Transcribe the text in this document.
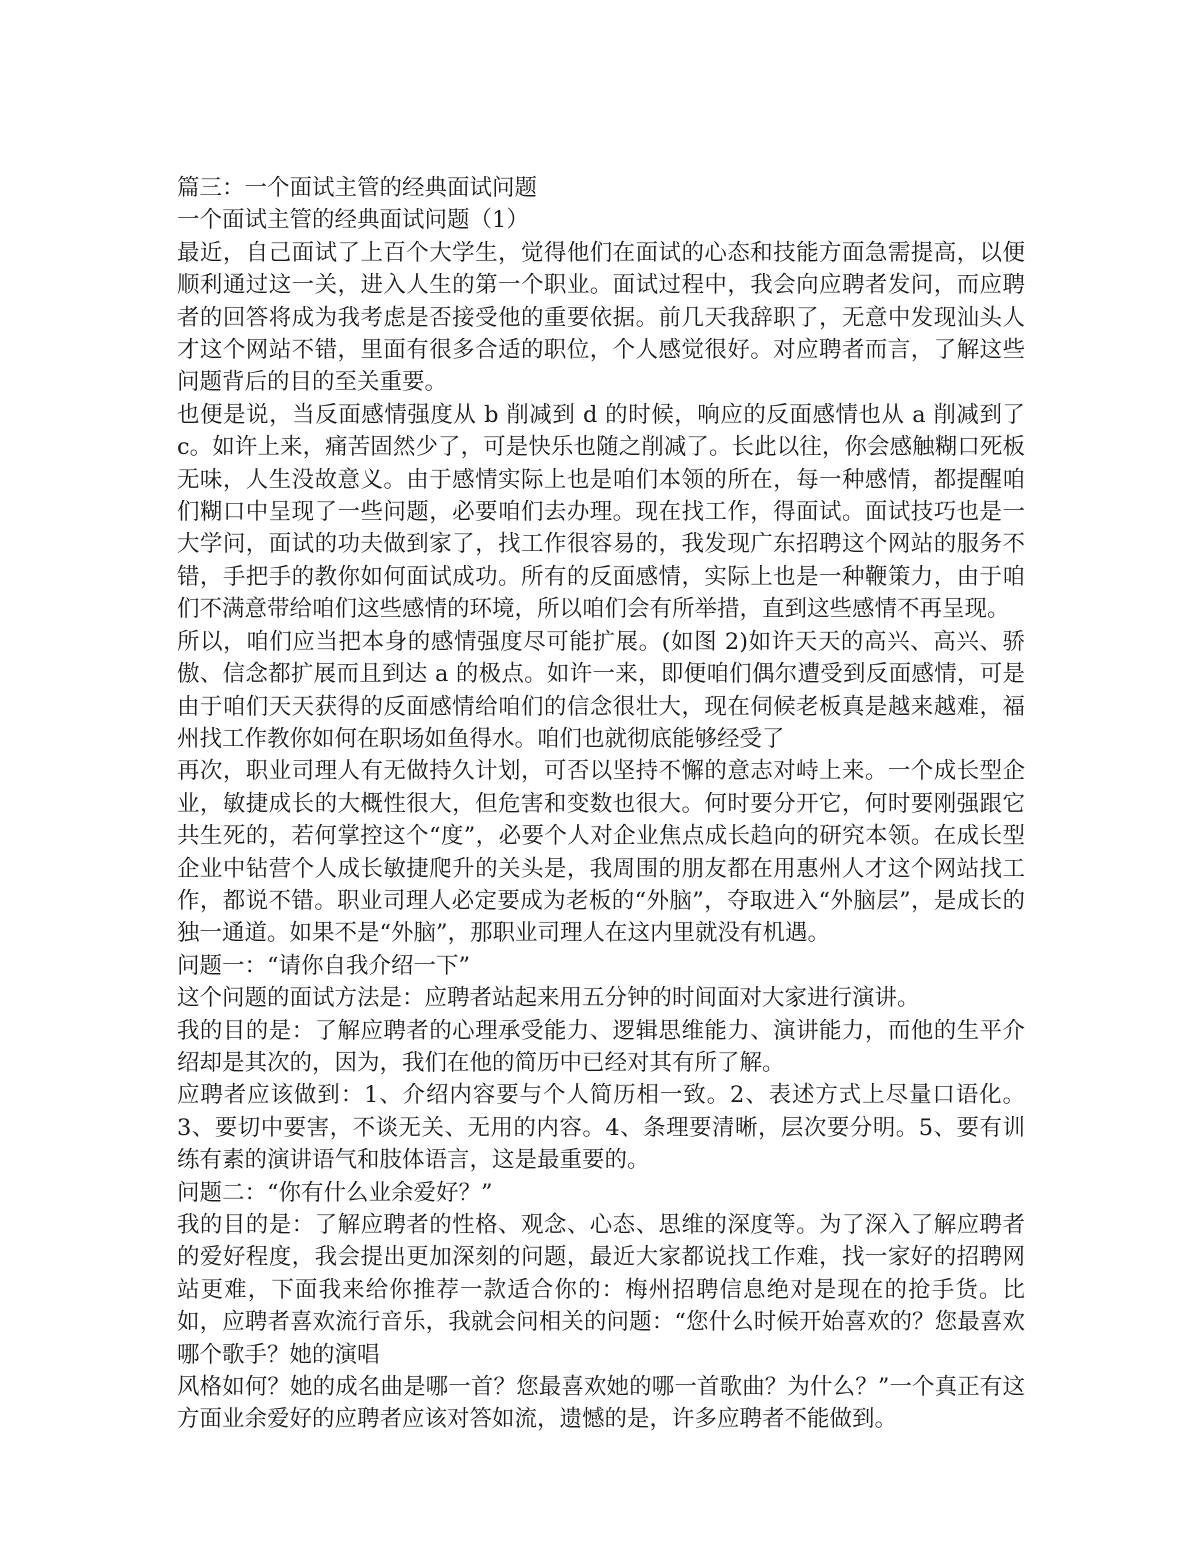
篇三：一个面试主管的经典面试问题

一个面试主管的经典面试问题（1）

最近，自己面试了上百个大学生，觉得他们在面试的心态和技能方面急需提高，以便顺利通过这一关，进入人生的第一个职业。面试过程中，我会向应聘者发问，而应聘者的回答将成为我考虑是否接受他的重要依据。前几天我辞职了，无意中发现汕头人才这个网站不错，里面有很多合适的职位，个人感觉很好。对应聘者而言，了解这些问题背后的目的至关重要。

也便是说，当反面感情强度从 b 削减到 d 的时候，响应的反面感情也从 a 削减到了 c。如许上来，痛苦固然少了，可是快乐也随之削减了。长此以往，你会感触糊口死板无味，人生没故意义。由于感情实际上也是咱们本领的所在，每一种感情，都提醒咱们糊口中呈现了一些问题，必要咱们去办理。现在找工作，得面试。面试技巧也是一大学问，面试的功夫做到家了，找工作很容易的，我发现广东招聘这个网站的服务不错，手把手的教你如何面试成功。所有的反面感情，实际上也是一种鞭策力，由于咱们不满意带给咱们这些感情的环境，所以咱们会有所举措，直到这些感情不再呈现。

所以，咱们应当把本身的感情强度尽可能扩展。(如图 2)如许天天的高兴、高兴、骄傲、信念都扩展而且到达 a 的极点。如许一来，即便咱们偶尔遭受到反面感情，可是由于咱们天天获得的反面感情给咱们的信念很壮大，现在伺候老板真是越来越难，福州找工作教你如何在职场如鱼得水。咱们也就彻底能够经受了

再次，职业司理人有无做持久计划，可否以坚持不懈的意志对峙上来。一个成长型企业，敏捷成长的大概性很大，但危害和变数也很大。何时要分开它，何时要刚强跟它共生死的，若何掌控这个“度”，必要个人对企业焦点成长趋向的研究本领。在成长型企业中钻营个人成长敏捷爬升的关头是，我周围的朋友都在用惠州人才这个网站找工作，都说不错。职业司理人必定要成为老板的“外脑”，夺取进入“外脑层”，是成长的独一通道。如果不是“外脑”，那职业司理人在这内里就没有机遇。

问题一：“请你自我介绍一下”

这个问题的面试方法是：应聘者站起来用五分钟的时间面对大家进行演讲。

我的目的是：了解应聘者的心理承受能力、逻辑思维能力、演讲能力，而他的生平介绍却是其次的，因为，我们在他的简历中已经对其有所了解。

应聘者应该做到：1、介绍内容要与个人简历相一致。2、表述方式上尽量口语化。3、要切中要害，不谈无关、无用的内容。4、条理要清晰，层次要分明。5、要有训练有素的演讲语气和肢体语言，这是最重要的。

问题二：“你有什么业余爱好？”

我的目的是：了解应聘者的性格、观念、心态、思维的深度等。为了深入了解应聘者的爱好程度，我会提出更加深刻的问题，最近大家都说找工作难，找一家好的招聘网站更难，下面我来给你推荐一款适合你的：梅州招聘信息绝对是现在的抢手货。比如，应聘者喜欢流行音乐，我就会问相关的问题：“您什么时候开始喜欢的？您最喜欢哪个歌手？她的演唱

风格如何？她的成名曲是哪一首？您最喜欢她的哪一首歌曲？为什么？”一个真正有这方面业余爱好的应聘者应该对答如流，遗憾的是，许多应聘者不能做到。
